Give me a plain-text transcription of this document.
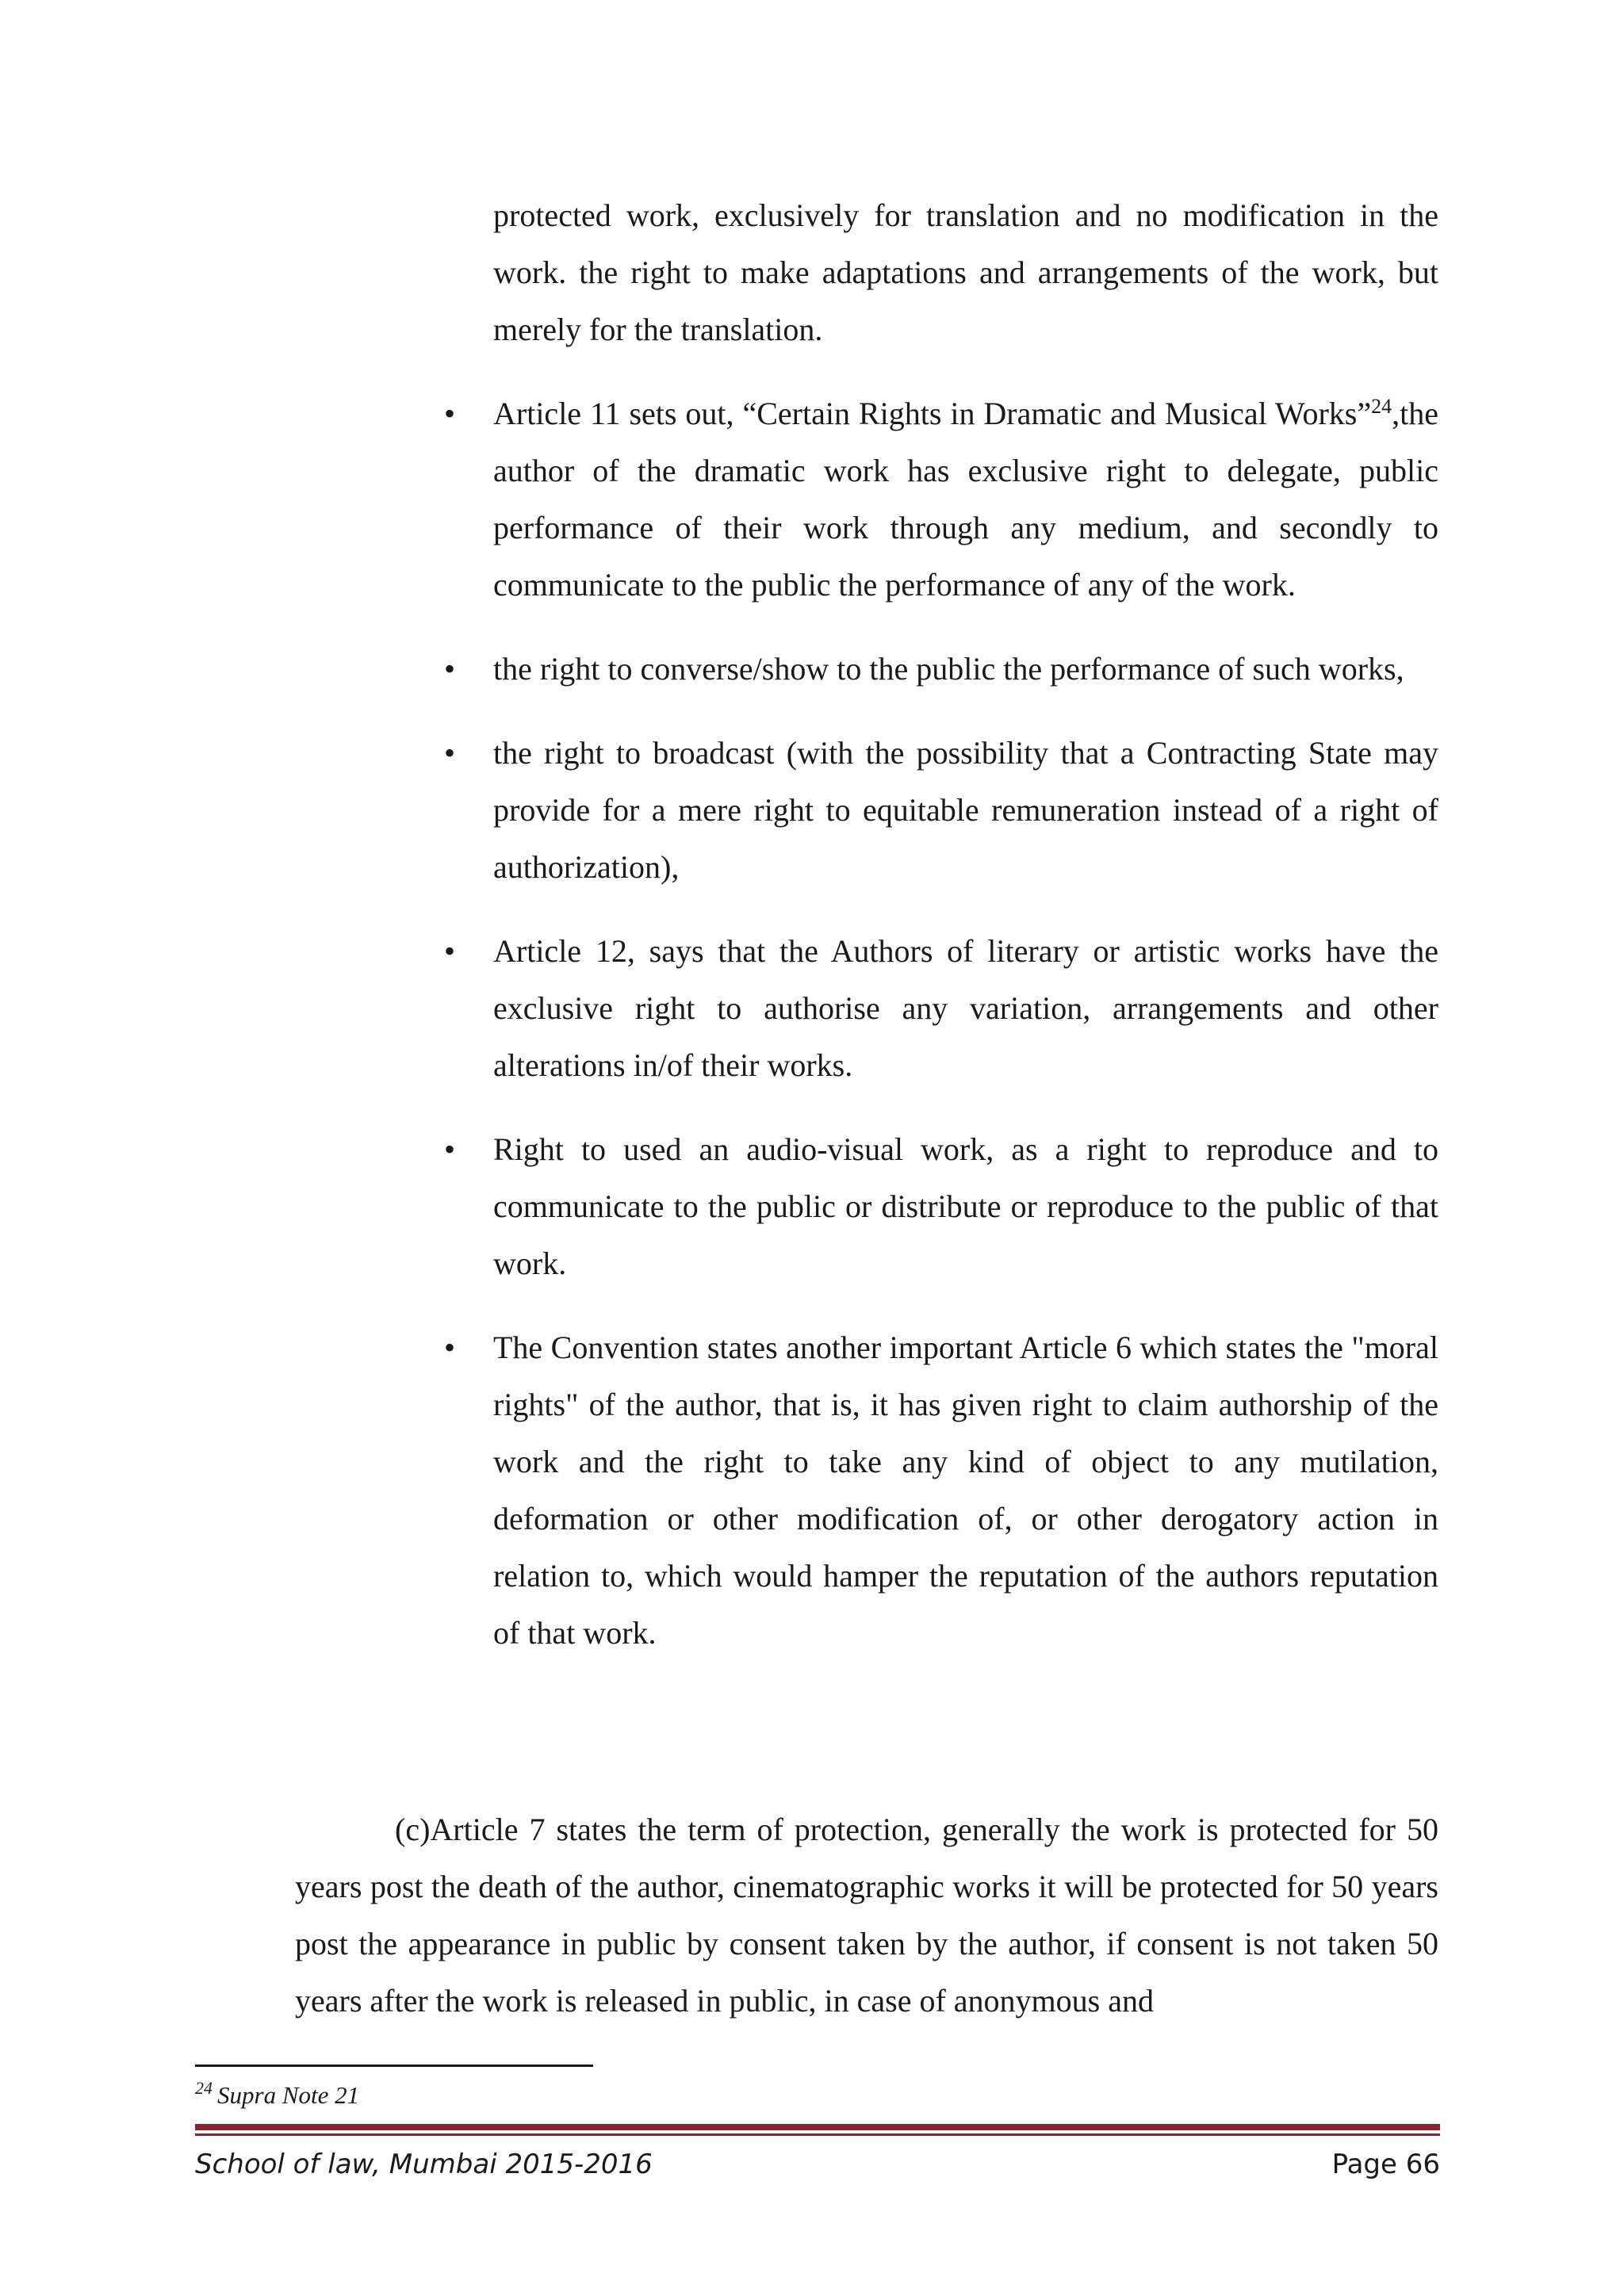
protected work, exclusively for translation and no modification in the work. the right to make adaptations and arrangements of the work, but merely for the translation.

• Article 11 sets out, “Certain Rights in Dramatic and Musical Works”$^{24}$,the author of the dramatic work has exclusive right to delegate, public performance of their work through any medium, and secondly to communicate to the public the performance of any of the work.
• the right to converse/show to the public the performance of such works,
• the right to broadcast (with the possibility that a Contracting State may provide for a mere right to equitable remuneration instead of a right of authorization),
• Article 12, says that the Authors of literary or artistic works have the exclusive right to authorise any variation, arrangements and other alterations in/of their works.
• Right to used an audio-visual work, as a right to reproduce and to communicate to the public or distribute or reproduce to the public of that work.
• The Convention states another important Article 6 which states the "moral rights" of the author, that is, it has given right to claim authorship of the work and the right to take any kind of object to any mutilation, deformation or other modification of, or other derogatory action in relation to, which would hamper the reputation of the authors reputation of that work.

(c)Article 7 states the term of protection, generally the work is protected for 50 years post the death of the author, cinematographic works it will be protected for 50 years post the appearance in public by consent taken by the author, if consent is not taken 50 years after the work is released in public, in case of anonymous and

$^{24}$ Supra Note 21
School of law, Mumbai 2015-2016	Page 66
